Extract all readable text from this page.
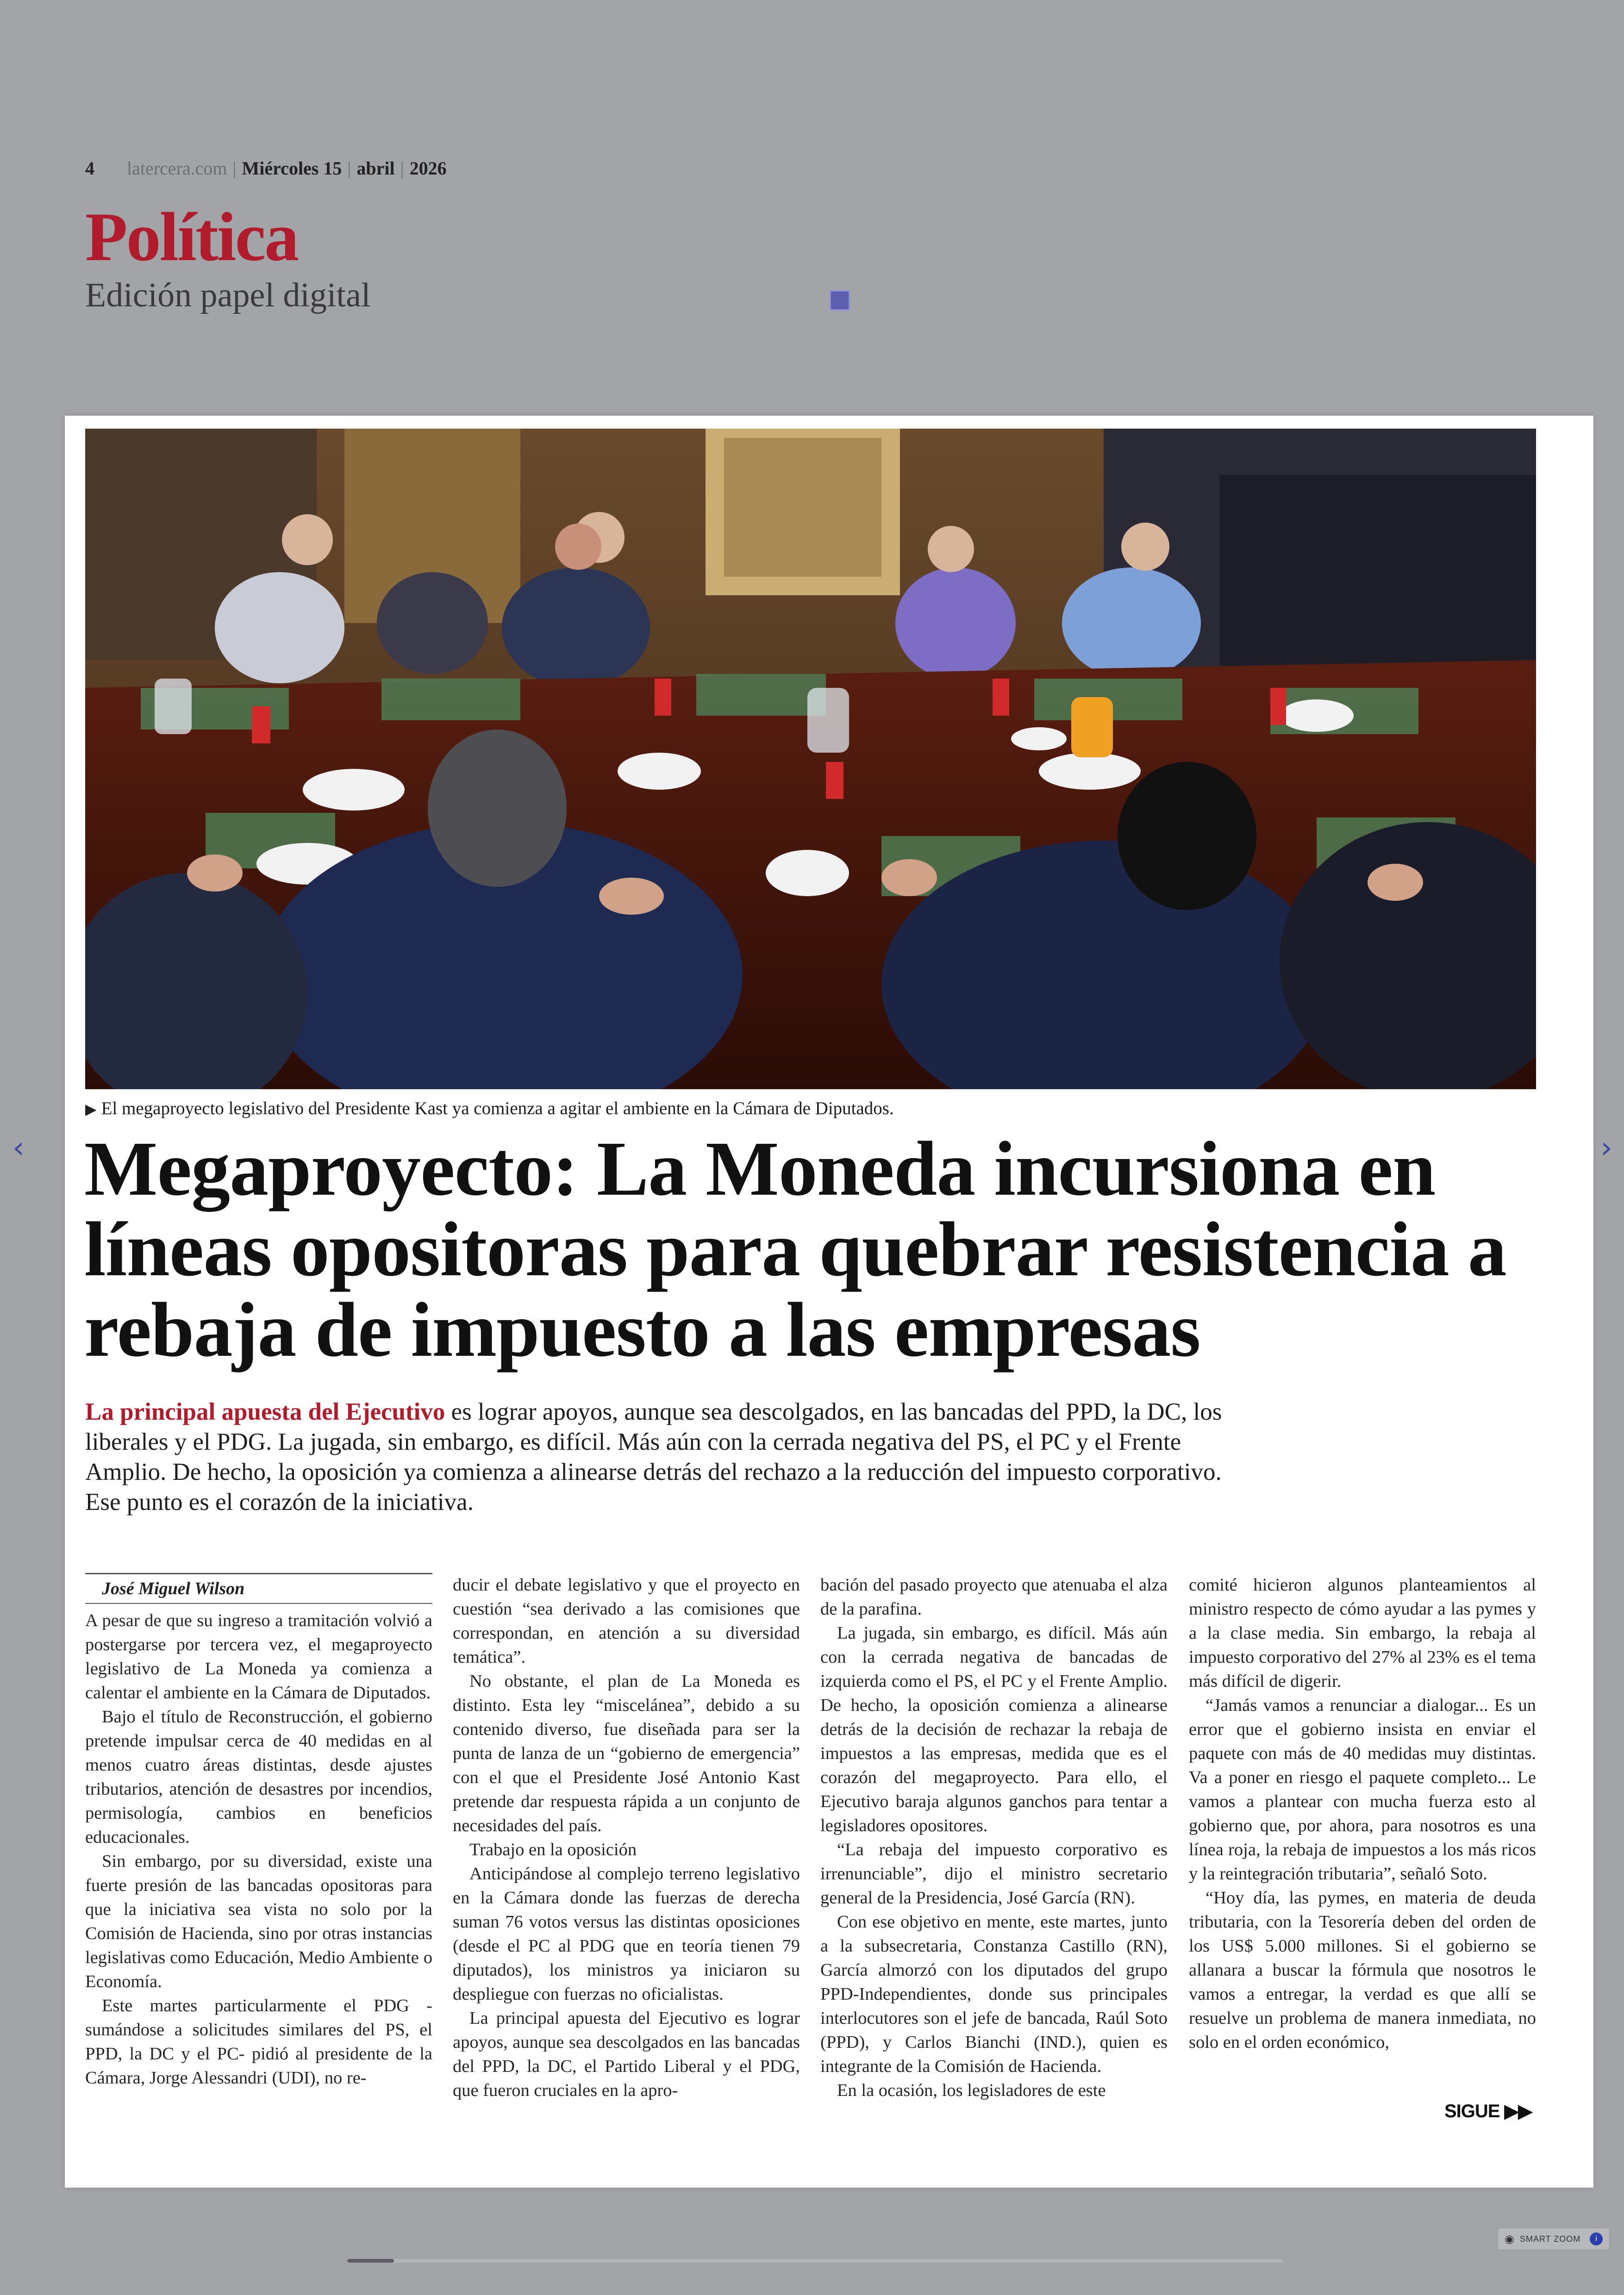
4 latercera.com | Miércoles 15 | abril | 2026
Política
Edición papel digital
‹	›
▶ El megaproyecto legislativo del Presidente Kast ya comienza a agitar el ambiente en la Cámara de Diputados.
Megaproyecto: La Moneda incursiona en líneas opositoras para quebrar resistencia a rebaja de impuesto a las empresas
La principal apuesta del Ejecutivo es lograr apoyos, aunque sea descolgados, en las bancadas del PPD, la DC, los liberales y el PDG. La jugada, sin embargo, es difícil. Más aún con la cerrada negativa del PS, el PC y el Frente Amplio. De hecho, la oposición ya comienza a alinearse detrás del rechazo a la reducción del impuesto corporativo. Ese punto es el corazón de la iniciativa.

José Miguel Wilson

A pesar de que su ingreso a tramitación volvió a postergarse por tercera vez, el megaproyecto legislativo de La Moneda ya comienza a calentar el ambiente en la Cámara de Diputados.

Bajo el título de Reconstrucción, el gobierno pretende impulsar cerca de 40 medidas en al menos cuatro áreas distintas, desde ajustes tributarios, atención de desastres por incendios, permisología, cambios en beneficios educacionales.

Sin embargo, por su diversidad, existe una fuerte presión de las bancadas opositoras para que la iniciativa sea vista no solo por la Comisión de Hacienda, sino por otras instancias legislativas como Educación, Medio Ambiente o Economía.

Este martes particularmente el PDG -sumándose a solicitudes similares del PS, el PPD, la DC y el PC- pidió al presidente de la Cámara, Jorge Alessandri (UDI), no re-

ducir el debate legislativo y que el proyecto en cuestión “sea derivado a las comisiones que correspondan, en atención a su diversidad temática”.

No obstante, el plan de La Moneda es distinto. Esta ley “miscelánea”, debido a su contenido diverso, fue diseñada para ser la punta de lanza de un “gobierno de emergencia” con el que el Presidente José Antonio Kast pretende dar respuesta rápida a un conjunto de necesidades del país.

Trabajo en la oposición

Anticipándose al complejo terreno legislativo en la Cámara donde las fuerzas de derecha suman 76 votos versus las distintas oposiciones (desde el PC al PDG que en teoría tienen 79 diputados), los ministros ya iniciaron su despliegue con fuerzas no oficialistas.

La principal apuesta del Ejecutivo es lograr apoyos, aunque sea descolgados en las bancadas del PPD, la DC, el Partido Liberal y el PDG, que fueron cruciales en la apro-

bación del pasado proyecto que atenuaba el alza de la parafina.

La jugada, sin embargo, es difícil. Más aún con la cerrada negativa de bancadas de izquierda como el PS, el PC y el Frente Amplio. De hecho, la oposición comienza a alinearse detrás de la decisión de rechazar la rebaja de impuestos a las empresas, medida que es el corazón del megaproyecto. Para ello, el Ejecutivo baraja algunos ganchos para tentar a legisladores opositores.

“La rebaja del impuesto corporativo es irrenunciable”, dijo el ministro secretario general de la Presidencia, José García (RN).

Con ese objetivo en mente, este martes, junto a la subsecretaria, Constanza Castillo (RN), García almorzó con los diputados del grupo PPD-Independientes, donde sus principales interlocutores son el jefe de bancada, Raúl Soto (PPD), y Carlos Bianchi (IND.), quien es integrante de la Comisión de Hacienda.

En la ocasión, los legisladores de este

comité hicieron algunos planteamientos al ministro respecto de cómo ayudar a las pymes y a la clase media. Sin embargo, la rebaja al impuesto corporativo del 27% al 23% es el tema más difícil de digerir.

“Jamás vamos a renunciar a dialogar... Es un error que el gobierno insista en enviar el paquete con más de 40 medidas muy distintas. Va a poner en riesgo el paquete completo... Le vamos a plantear con mucha fuerza esto al gobierno que, por ahora, para nosotros es una línea roja, la rebaja de impuestos a los más ricos y la reintegración tributaria”, señaló Soto.

“Hoy día, las pymes, en materia de deuda tributaria, con la Tesorería deben del orden de los US$ 5.000 millones. Si el gobierno se allanara a buscar la fórmula que nosotros le vamos a entregar, la verdad es que allí se resuelve un problema de manera inmediata, no solo en el orden económico,

SIGUE ▶▶
◉ SMART ZOOM	i
